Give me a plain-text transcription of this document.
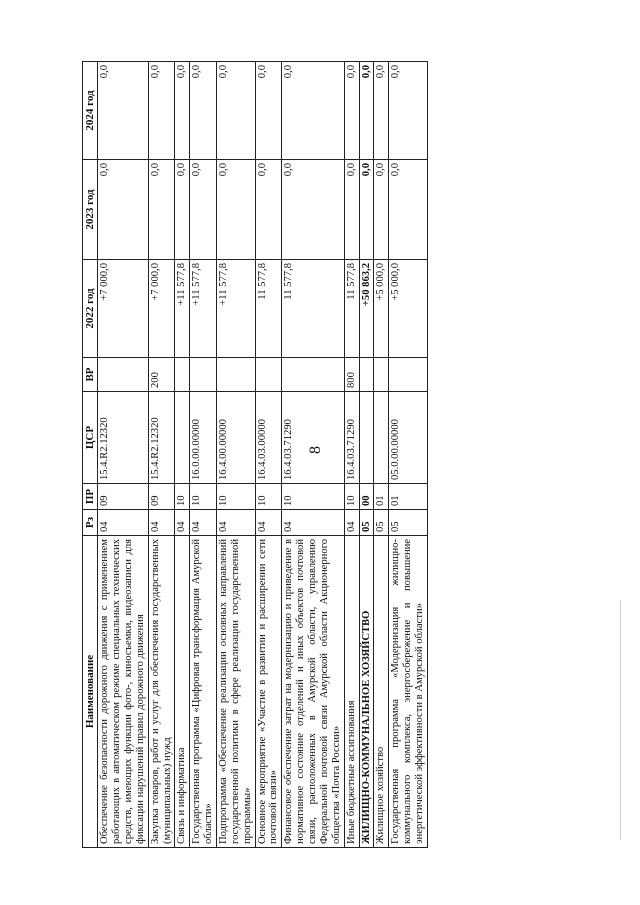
8
Наименование	Рз	ПР	ЦСР	ВР	2022 год	2023 год	2024 год
Обеспечение безопасности дорожного движения с применением работающих в автоматическом режиме специальных технических средств, имеющих функции фото-, киносъемки, видеозаписи для фиксации нарушений правил дорожного движения	04	09	15.4.R2.12320		+7 000,0	0,0	0,0
Закупка товаров, работ и услуг для обеспечения государственных (муниципальных) нужд	04	09	15.4.R2.12320	200	+7 000,0	0,0	0,0
Связь и информатика	04	10			+11 577,8	0,0	0,0
Государственная программа «Цифровая трансформация Амурской области»	04	10	16.0.00.00000		+11 577,8	0,0	0,0
Подпрограмма «Обеспечение реализации основных направлений государственной политики в сфере реализации государственной программы»	04	10	16.4.00.00000		+11 577,8	0,0	0,0
Основное мероприятие «Участие в развитии и расширении сети почтовой связи»	04	10	16.4.03.00000		11 577,8	0,0	0,0
Финансовое обеспечение затрат на модернизацию и приведение в нормативное состояние отделений и иных объектов почтовой связи, расположенных в Амурской области, управлению Федеральной почтовой связи Амурской области Акционерного общества «Почта России»	04	10	16.4.03.71290		11 577,8	0,0	0,0
Иные бюджетные ассигнования	04	10	16.4.03.71290	800	11 577,8	0,0	0,0
ЖИЛИЩНО-КОММУНАЛЬНОЕ ХОЗЯЙСТВО	05	00			+50 863,2	0,0	0,0
Жилищное хозяйство	05	01			+5 000,0	0,0	0,0
Государственная программа «Модернизация жилищно-коммунального комплекса, энергосбережение и повышение энергетической эффективности в Амурской области»	05	01	05.0.00.00000		+5 000,0	0,0	0,0
